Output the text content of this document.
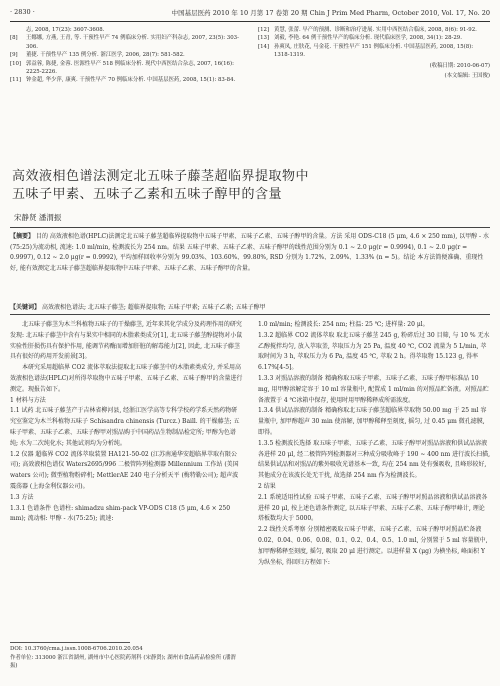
· 2830 ·	中国基层医药 2010 年 10 月第 17 卷第 20 期 Chin J Prim Med Pharm, October 2010, Vol. 17, No. 20
志, 2008, 17(23): 3607-3608.
[8]	王娜娜, 方燕, 王青, 等. 干预性早产 74 例临床分析. 实用妇产科杂志, 2007, 23(5): 303-306.
[9]	董捷. 干预性早产 135 例分析. 浙江医学, 2006, 28(7): 581-582.
[10] 郭益蓉, 陈捷, 金蓉. 医源性早产 518 例临床分析. 现代中西医结合杂志, 2007, 16(16): 2225-2226.
[11] 钟金超, 华少萍, 康爽. 干预性早产 70 例临床分析. 中国基层医药, 2008, 15(1): 83-84.
[12] 黄慧, 张蕾. 早产的预测、诊断和治疗进展. 实用中西医结合临床, 2008, 8(6): 91-92.
[13] 刘毅, 李艳. 64 例干预性早产的临床分析. 现代临床医学, 2008, 34(1): 28-29.
[14] 孙爽凤, 庄肤花, 马金花. 干预性早产 151 例临床分析. 中国基层医药, 2008, 15(8): 1318-1319.
(收稿日期: 2010-06-07)
(本文编辑: 王国俊)
高效液相色谱法测定北五味子藤茎超临界提取物中
五味子甲素、五味子乙素和五味子醇甲的含量
宋静贤 潘渭振
【摘要】 目的 高效液相色谱(HPLC)法测定北五味子藤茎超临界提取物中五味子甲素、五味子乙素、五味子醇甲的含量。方法 采用 ODS-C18 (5 μm, 4.6 × 250 mm), 以甲醇 - 水(75:25)为流动相, 流速: 1.0 ml/min, 检测波长为 254 nm。结果 五味子甲素、五味子乙素、五味子醇甲的线性范围分别为 0.1 ~ 2.0 μg(r = 0.9994), 0.1 ~ 2.0 μg(r = 0.9997), 0.12 ~ 2.0 μg(r = 0.9992), 平均加样回收率分别为 99.03%、103.60%、99.80%, RSD 分别为 1.72%、2.09%、1.33% (n = 5)。结论 本方法简便准确、重现性好, 能有效测定北五味子藤茎超临界提取物中五味子甲素、五味子乙素、五味子醇甲的含量。
【关键词】 高效液相色谱法; 北五味子藤茎; 超临界提取物; 五味子甲素; 五味子乙素; 五味子醇甲

北五味子藤茎为木兰科植物五味子的干燥藤茎, 近年来其化学成分及药理作用的研究发现: 北五味子藤茎中含有与果实中相同的木脂素类成分[1], 北五味子藤茎醇提物对小鼠实验性肝损伤具有保护作用, 能调节药酶而增加肝脏的解毒能力[2], 因此, 北五味子藤茎具有很好的药用开发前景[3]。

本研究采用超临界 CO2 流体萃取法提取北五味子藤茎中的木脂素类成分, 并采用高效液相色谱法(HPLC)对所得萃取物中五味子甲素、五味子乙素、五味子醇甲的含量进行测定。现报告如下。

1 材料与方法

1.1 试药 北五味子藤茎产于吉林省柳河县, 经浙江医学高等专科学校药学系天然药物研究室鉴定为木兰科植物五味子 Schisandra chinensis (Turcz.) Baill. 的干燥藤茎; 五味子甲素、五味子乙素、五味子醇甲对照品购于中国药品生物制品检定所; 甲醇为色谱纯; 水为二次纯化水; 其他试剂均为分析纯。

1.2 仪器 超临界 CO2 流体萃取装置 HA121-50-02 (江苏南通华安超临界萃取有限公司); 高效液相色谱仪 Waters2695/996 二极管阵列检测器 Millennium 工作站 (美国 waters 公司); 微型植物粉碎机; MettlerAE 240 电子分析天平 (梅特勒公司); 超声波震荡器 (上海金利仪器公司)。

1.3 方法

1.3.1 色谱条件 色谱柱: shimadzu shim-pack VP-ODS C18 (5 μm, 4.6 × 250 mm); 流动相: 甲醇 - 水(75:25); 流速:

1.0 ml/min; 检测波长: 254 nm; 柱温: 25 ℃; 进样量: 20 μl。

1.3.2 超临界 CO2 流体萃取 取北五味子藤茎 245 g, 粉碎后过 30 目筛, 与 10 % 无水乙醇搅拌均匀, 放入萃取釜, 萃取压力为 25 Pa, 温度 40 ℃, CO2 流量为 5 L/min, 萃取时间为 3 h, 萃取压力为 6 Pa, 温度 45 ℃, 萃取 2 h。得萃取物 15.123 g, 得率 6.17%[4-5]。

1.3.3 对照品溶液的制备 精确称取五味子甲素、五味子乙素、五味子醇甲标准品 10 mg, 用甲醇溶解定容于 10 ml 容量瓶中, 配置成 1 ml/min 的对照品贮备液。对照品贮备液置于 4 ℃冰箱中保存, 使用时用甲醇稀释成所需浓度。

1.3.4 供试品溶液的制备 精确称取北五味子藤茎超临界萃取物 50.00 mg 于 25 ml 容量瓶中, 加甲醇超声 30 min 使溶解, 加甲醇稀释至刻度, 摇匀, 过 0.45 μm 微孔滤膜, 即得。

1.3.5 检测波长选择 取五味子甲素、五味子乙素、五味子醇甲对照品溶液和供试品溶液各进样 20 μl, 经二极管阵列检测器对三种成分吸收峰于 190 ~ 400 nm 进行波长扫描, 结果供试品和对照品的紫外吸收光谱基本一致, 均在 254 nm 处有强吸收, 且峰形较好, 其他成分在该波长处无干扰, 故选择 254 nm 作为检测波长。

2 结果

2.1 系统适用性试验 五味子甲素、五味子乙素、五味子醇甲对照品溶液和供试品溶液各进样 20 μl, 按上述色谱条件测定, 以五味子甲素、五味子乙素、五味子醇甲峰计, 理论塔板数均大于 5000。

2.2 线性关系考察 分别精密吸取五味子甲素、五味子乙素、五味子醇甲对照品贮备液 0.02、0.04、0.06、0.08、0.1、0.2、0.4、0.5、1.0 ml, 分别置于 5 ml 容量瓶中, 加甲醇稀释至刻度, 摇匀, 吸取 20 μl 进行测定。以进样量 X (μg) 为横坐标, 峰面积 Y 为纵坐标, 得回归方程如下:

DOI: 10.3760/cma.j.issn.1008-6706.2010.20.054
作者单位: 313000 浙江省湖州, 湖州市中心医院药剂科 (宋静贤); 湖州市食品药品检验所 (潘渭振)
